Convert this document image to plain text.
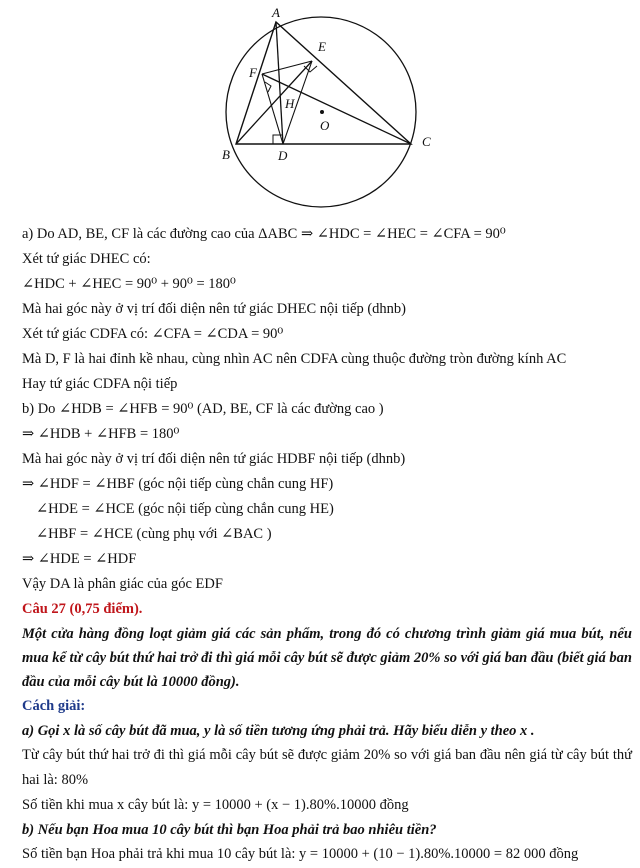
A
B
C
D
E
F
H
O
a) Do AD, BE, CF là các đường cao của ΔABC ⇒ ∠HDC = ∠HEC = ∠CFA = 90⁰
Xét tứ giác DHEC có:
∠HDC + ∠HEC = 90⁰ + 90⁰ = 180⁰
Mà hai góc này ở vị trí đối diện nên tứ giác DHEC nội tiếp (dhnb)
Xét tứ giác CDFA có: ∠CFA = ∠CDA = 90⁰
Mà D, F là hai đỉnh kề nhau, cùng nhìn AC nên CDFA cùng thuộc đường tròn đường kính AC
Hay tứ giác CDFA nội tiếp
b) Do ∠HDB = ∠HFB = 90⁰ (AD, BE, CF là các đường cao )
⇒ ∠HDB + ∠HFB = 180⁰
Mà hai góc này ở vị trí đối diện nên tứ giác HDBF nội tiếp (dhnb)
⇒ ∠HDF = ∠HBF (góc nội tiếp cùng chắn cung HF)
∠HDE = ∠HCE (góc nội tiếp cùng chắn cung HE)
∠HBF = ∠HCE (cùng phụ với ∠BAC )
⇒ ∠HDE = ∠HDF
Vậy DA là phân giác của góc EDF
Câu 27 (0,75 điểm).
Một cửa hàng đồng loạt giảm giá các sản phẩm, trong đó có chương trình giảm giá mua bút, nếu mua kể từ cây bút thứ hai trở đi thì giá mỗi cây bút sẽ được giảm 20% so với giá ban đầu (biết giá ban đầu của mỗi cây bút là 10000 đồng).
Cách giải:
a) Gọi x là số cây bút đã mua, y là số tiền tương ứng phải trả. Hãy biểu diễn y theo x .
Từ cây bút thứ hai trở đi thì giá mỗi cây bút sẽ được giảm 20% so với giá ban đầu nên giá từ cây bút thứ hai là: 80%
Số tiền khi mua x cây bút là: y = 10000 + (x − 1).80%.10000 đồng
b) Nếu bạn Hoa mua 10 cây bút thì bạn Hoa phải trả bao nhiêu tiền?
Số tiền bạn Hoa phải trả khi mua 10 cây bút là: y = 10000 + (10 − 1).80%.10000 = 82 000 đồng
